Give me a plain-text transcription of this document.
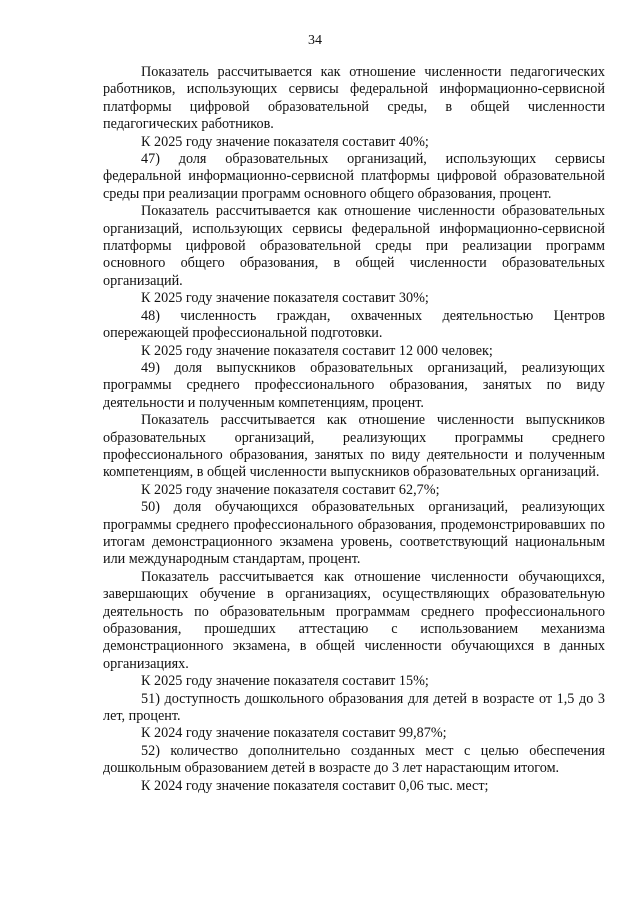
34

Показатель рассчитывается как отношение численности педагогических работников, использующих сервисы федеральной информационно-сервисной платформы цифровой образовательной среды, в общей численности педагогических работников.

К 2025 году значение показателя составит 40%;

47) доля образовательных организаций, использующих сервисы федеральной информационно-сервисной платформы цифровой образовательной среды при реализации программ основного общего образования, процент.

Показатель рассчитывается как отношение численности образовательных организаций, использующих сервисы федеральной информационно-сервисной платформы цифровой образовательной среды при реализации программ основного общего образования, в общей численности образовательных организаций.

К 2025 году значение показателя составит 30%;

48) численность граждан, охваченных деятельностью Центров опережающей профессиональной подготовки.

К 2025 году значение показателя составит 12 000 человек;

49) доля выпускников образовательных организаций, реализующих программы среднего профессионального образования, занятых по виду деятельности и полученным компетенциям, процент.

Показатель рассчитывается как отношение численности выпускников образовательных организаций, реализующих программы среднего профессионального образования, занятых по виду деятельности и полученным компетенциям, в общей численности выпускников образовательных организаций.

К 2025 году значение показателя составит 62,7%;

50) доля обучающихся образовательных организаций, реализующих программы среднего профессионального образования, продемонстрировавших по итогам демонстрационного экзамена уровень, соответствующий национальным или международным стандартам, процент.

Показатель рассчитывается как отношение численности обучающихся, завершающих обучение в организациях, осуществляющих образовательную деятельность по образовательным программам среднего профессионального образования, прошедших аттестацию с использованием механизма демонстрационного экзамена, в общей численности обучающихся в данных организациях.

К 2025 году значение показателя составит 15%;

51) доступность дошкольного образования для детей в возрасте от 1,5 до 3 лет, процент.

К 2024 году значение показателя составит 99,87%;

52) количество дополнительно созданных мест с целью обеспечения дошкольным образованием детей в возрасте до 3 лет нарастающим итогом.

К 2024 году значение показателя составит 0,06 тыс. мест;
